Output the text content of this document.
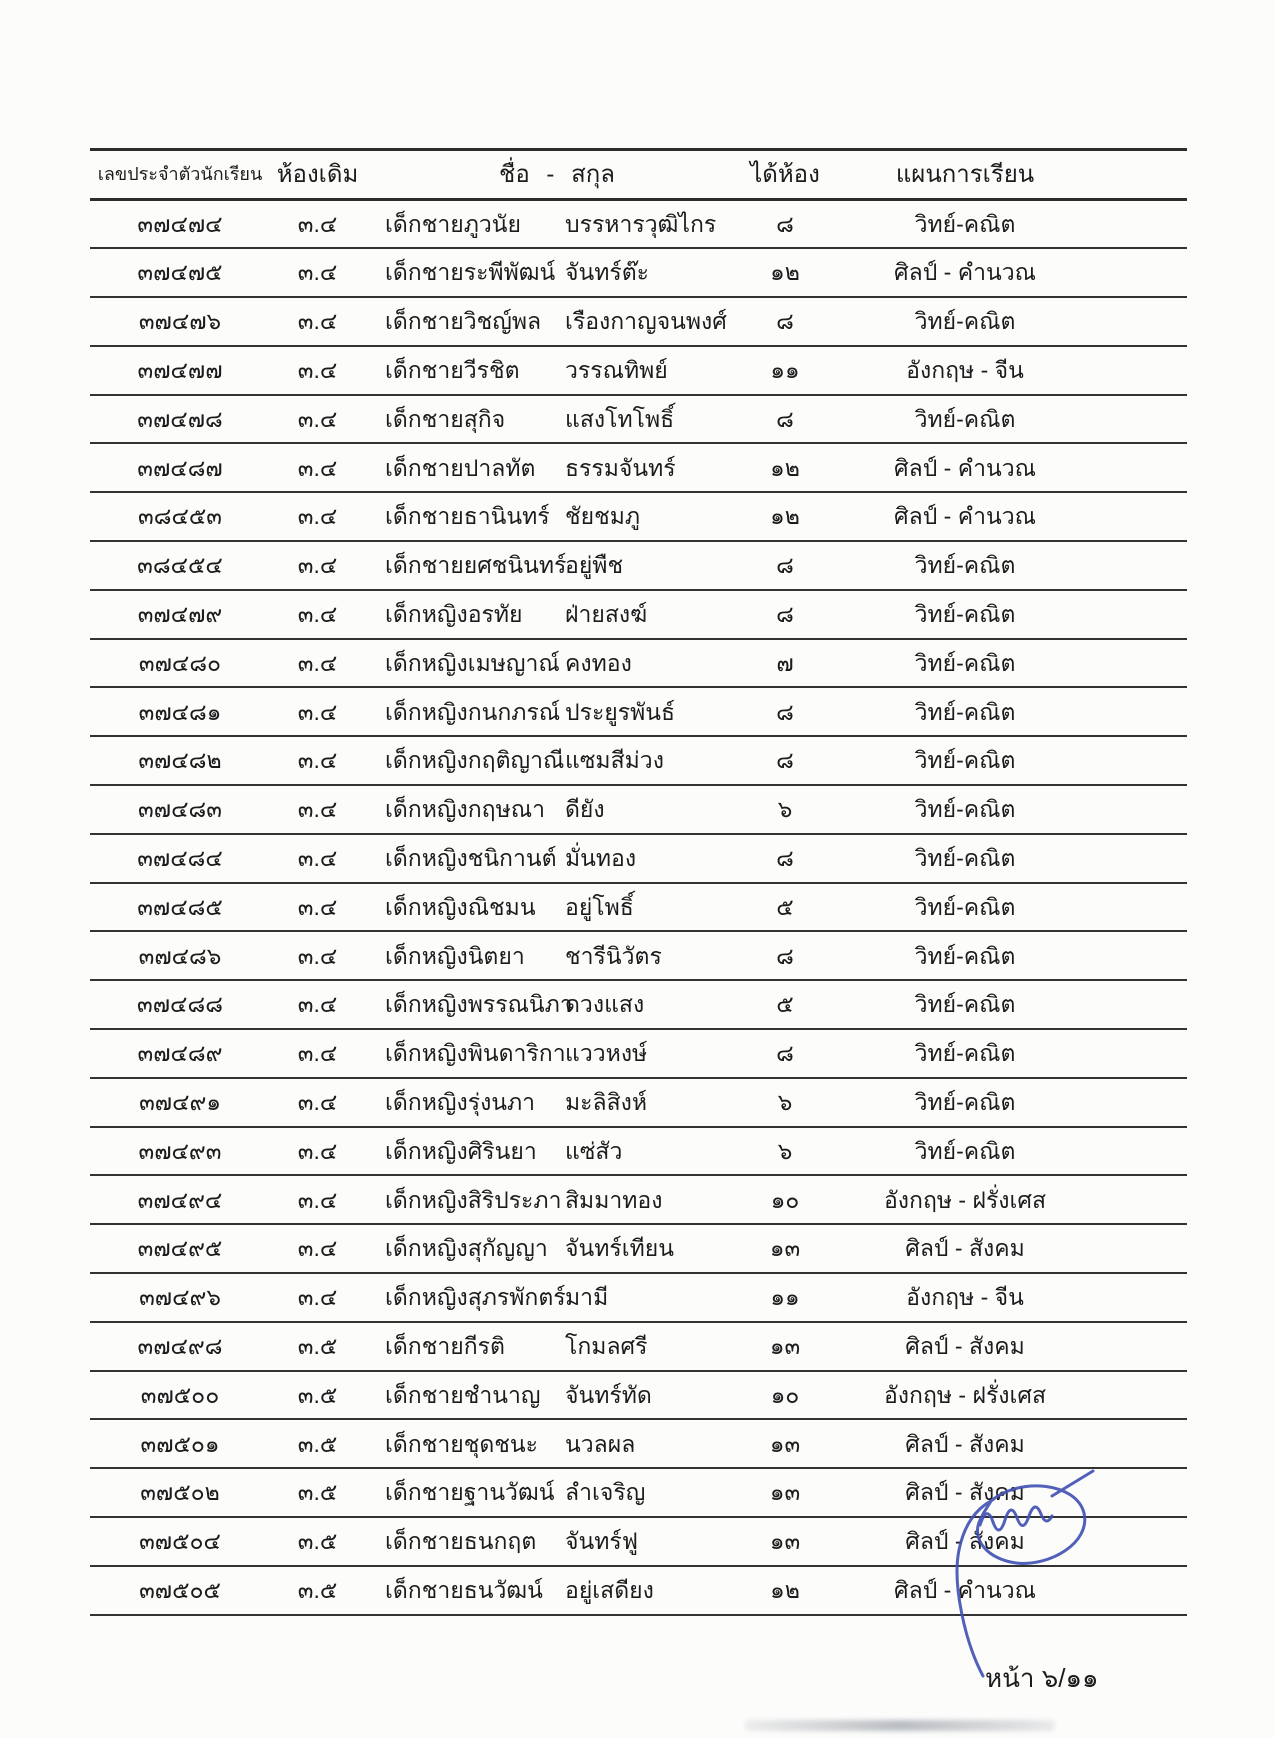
เลขประจำตัวนักเรียน	ห้องเดิม	ชื่อ - สกุล		ได้ห้อง	แผนการเรียน
๓๗๔๗๔	๓.๔	เด็กชายภูวนัย	บรรหารวุฒิไกร	๘	วิทย์-คณิต
๓๗๔๗๕	๓.๔	เด็กชายระพีพัฒน์	จันทร์ต๊ะ	๑๒	ศิลป์ - คำนวณ
๓๗๔๗๖	๓.๔	เด็กชายวิชญ์พล	เรืองกาญจนพงศ์	๘	วิทย์-คณิต
๓๗๔๗๗	๓.๔	เด็กชายวีรชิต	วรรณทิพย์	๑๑	อังกฤษ - จีน
๓๗๔๗๘	๓.๔	เด็กชายสุกิจ	แสงโทโพธิ์	๘	วิทย์-คณิต
๓๗๔๘๗	๓.๔	เด็กชายปาลทัต	ธรรมจันทร์	๑๒	ศิลป์ - คำนวณ
๓๘๔๕๓	๓.๔	เด็กชายธานินทร์	ชัยชมภู	๑๒	ศิลป์ - คำนวณ
๓๘๔๕๔	๓.๔	เด็กชายยศชนินทร์	อยู่พืช	๘	วิทย์-คณิต
๓๗๔๗๙	๓.๔	เด็กหญิงอรทัย	ฝ่ายสงฆ์	๘	วิทย์-คณิต
๓๗๔๘๐	๓.๔	เด็กหญิงเมษญาณ์	คงทอง	๗	วิทย์-คณิต
๓๗๔๘๑	๓.๔	เด็กหญิงกนกภรณ์	ประยูรพันธ์	๘	วิทย์-คณิต
๓๗๔๘๒	๓.๔	เด็กหญิงกฤติญาณี	แซมสีม่วง	๘	วิทย์-คณิต
๓๗๔๘๓	๓.๔	เด็กหญิงกฤษณา	ดียัง	๖	วิทย์-คณิต
๓๗๔๘๔	๓.๔	เด็กหญิงชนิกานต์	มั่นทอง	๘	วิทย์-คณิต
๓๗๔๘๕	๓.๔	เด็กหญิงณิชมน	อยู่โพธิ์	๕	วิทย์-คณิต
๓๗๔๘๖	๓.๔	เด็กหญิงนิตยา	ชารีนิวัตร	๘	วิทย์-คณิต
๓๗๔๘๘	๓.๔	เด็กหญิงพรรณนิภา	ดวงแสง	๕	วิทย์-คณิต
๓๗๔๘๙	๓.๔	เด็กหญิงพินดาริกา	แววหงษ์	๘	วิทย์-คณิต
๓๗๔๙๑	๓.๔	เด็กหญิงรุ่งนภา	มะลิสิงห์	๖	วิทย์-คณิต
๓๗๔๙๓	๓.๔	เด็กหญิงศิรินยา	แซ่สัว	๖	วิทย์-คณิต
๓๗๔๙๔	๓.๔	เด็กหญิงสิริประภา	สิมมาทอง	๑๐	อังกฤษ - ฝรั่งเศส
๓๗๔๙๕	๓.๔	เด็กหญิงสุกัญญา	จันทร์เทียน	๑๓	ศิลป์ - สังคม
๓๗๔๙๖	๓.๔	เด็กหญิงสุภรพักตร์	มามี	๑๑	อังกฤษ - จีน
๓๗๔๙๘	๓.๕	เด็กชายกีรติ	โกมลศรี	๑๓	ศิลป์ - สังคม
๓๗๕๐๐	๓.๕	เด็กชายชำนาญ	จันทร์ทัด	๑๐	อังกฤษ - ฝรั่งเศส
๓๗๕๐๑	๓.๕	เด็กชายชุดชนะ	นวลผล	๑๓	ศิลป์ - สังคม
๓๗๕๐๒	๓.๕	เด็กชายฐานวัฒน์	ลำเจริญ	๑๓	ศิลป์ - สังคม
๓๗๕๐๔	๓.๕	เด็กชายธนกฤต	จันทร์ฟู	๑๓	ศิลป์ - สังคม
๓๗๕๐๕	๓.๕	เด็กชายธนวัฒน์	อยู่เสดียง	๑๒	ศิลป์ - คำนวณ
หน้า ๖/๑๑
